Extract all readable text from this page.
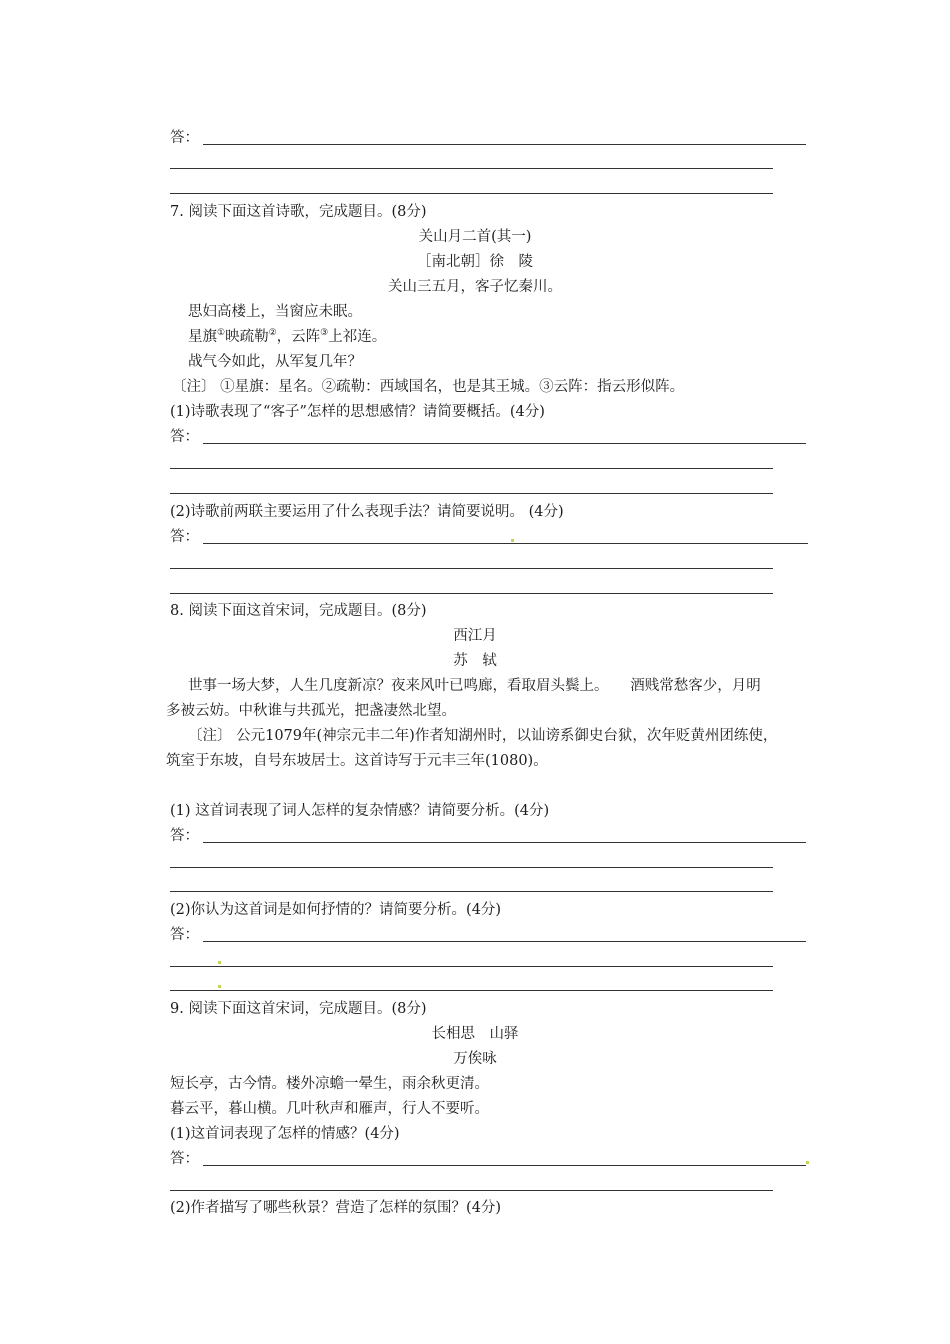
答：
7. 阅读下面这首诗歌，完成题目。(8分)
关山月二首(其一)
［南北朝］徐　陵
关山三五月，客子忆秦川。
思妇高楼上，当窗应未眠。
星旗①映疏勒②，云阵③上祁连。
战气今如此，从军复几年？
〔注〕 ①星旗：星名。②疏勒：西域国名，也是其王城。③云阵：指云形似阵。
(1)诗歌表现了“客子”怎样的思想感情？请简要概括。(4分)
答：
(2)诗歌前两联主要运用了什么表现手法？请简要说明。 (4分)
答：
8. 阅读下面这首宋词，完成题目。(8分)
西江月
苏　轼
世事一场大梦，人生几度新凉？夜来风叶已鸣廊，看取眉头鬓上。　　酒贱常愁客少，月明
多被云妨。中秋谁与共孤光，把盏凄然北望。
〔注〕 公元1079年(神宗元丰二年)作者知湖州时，以讪谤系御史台狱，次年贬黄州团练使，
筑室于东坡，自号东坡居士。这首诗写于元丰三年(1080)。
(1) 这首词表现了词人怎样的复杂情感？请简要分析。(4分)
答：
(2)你认为这首词是如何抒情的？请简要分析。(4分)
答：
9. 阅读下面这首宋词，完成题目。(8分)
长相思　山驿
万俟咏
短长亭，古今情。楼外凉蟾一晕生，雨余秋更清。
暮云平，暮山横。几叶秋声和雁声，行人不要听。
(1)这首词表现了怎样的情感？(4分)
答：
(2)作者描写了哪些秋景？营造了怎样的氛围？(4分)
